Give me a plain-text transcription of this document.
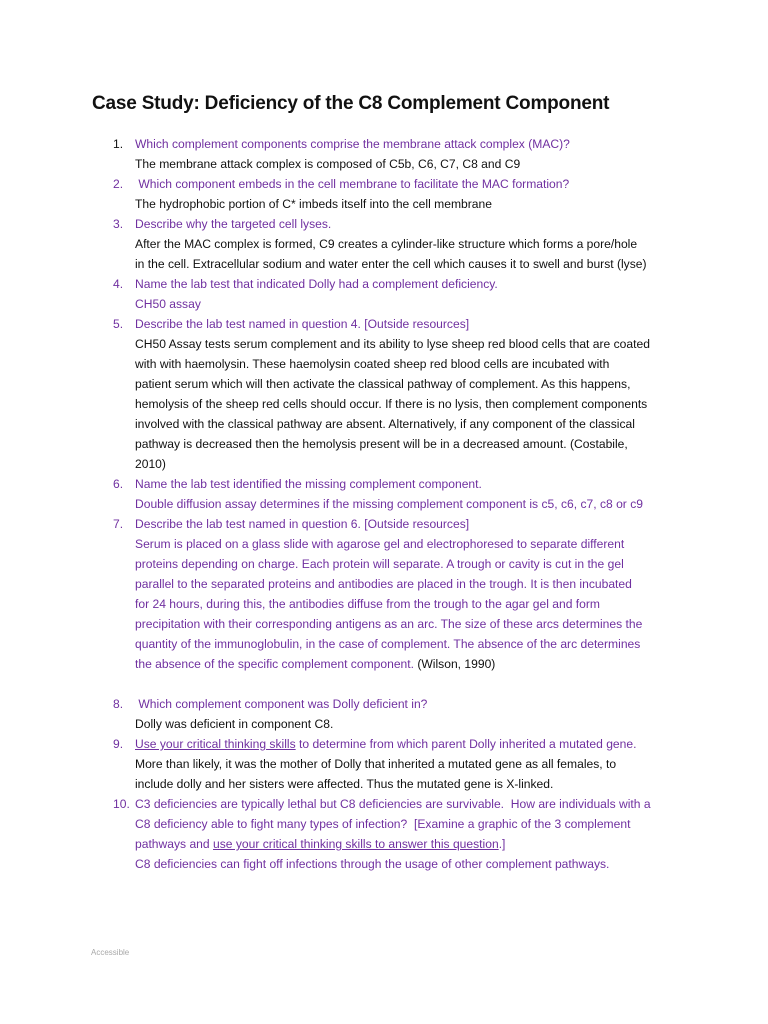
Case Study: Deficiency of the C8 Complement Component
1. Which complement components comprise the membrane attack complex (MAC)?
The membrane attack complex is composed of C5b, C6, C7, C8 and C9
2. Which component embeds in the cell membrane to facilitate the MAC formation?
The hydrophobic portion of C* imbeds itself into the cell membrane
3. Describe why the targeted cell lyses.
After the MAC complex is formed, C9 creates a cylinder-like structure which forms a pore/hole
in the cell. Extracellular sodium and water enter the cell which causes it to swell and burst (lyse)
4. Name the lab test that indicated Dolly had a complement deficiency.
CH50 assay
5. Describe the lab test named in question 4. [Outside resources]
CH50 Assay tests serum complement and its ability to lyse sheep red blood cells that are coated
with with haemolysin. These haemolysin coated sheep red blood cells are incubated with
patient serum which will then activate the classical pathway of complement. As this happens,
hemolysis of the sheep red cells should occur. If there is no lysis, then complement components
involved with the classical pathway are absent. Alternatively, if any component of the classical
pathway is decreased then the hemolysis present will be in a decreased amount. (Costabile,
2010)
6. Name the lab test identified the missing complement component.
Double diffusion assay determines if the missing complement component is c5, c6, c7, c8 or c9
7. Describe the lab test named in question 6. [Outside resources]
Serum is placed on a glass slide with agarose gel and electrophoresed to separate different
proteins depending on charge. Each protein will separate. A trough or cavity is cut in the gel
parallel to the separated proteins and antibodies are placed in the trough. It is then incubated
for 24 hours, during this, the antibodies diffuse from the trough to the agar gel and form
precipitation with their corresponding antigens as an arc. The size of these arcs determines the
quantity of the immunoglobulin, in the case of complement. The absence of the arc determines
the absence of the specific complement component. (Wilson, 1990)
8. Which complement component was Dolly deficient in?
Dolly was deficient in component C8.
9. Use your critical thinking skills to determine from which parent Dolly inherited a mutated gene.
More than likely, it was the mother of Dolly that inherited a mutated gene as all females, to
include dolly and her sisters were affected. Thus the mutated gene is X-linked.
10. C3 deficiencies are typically lethal but C8 deficiencies are survivable.  How are individuals with a
C8 deficiency able to fight many types of infection?  [Examine a graphic of the 3 complement
pathways and use your critical thinking skills to answer this question.]
C8 deficiencies can fight off infections through the usage of other complement pathways.
Accessible
